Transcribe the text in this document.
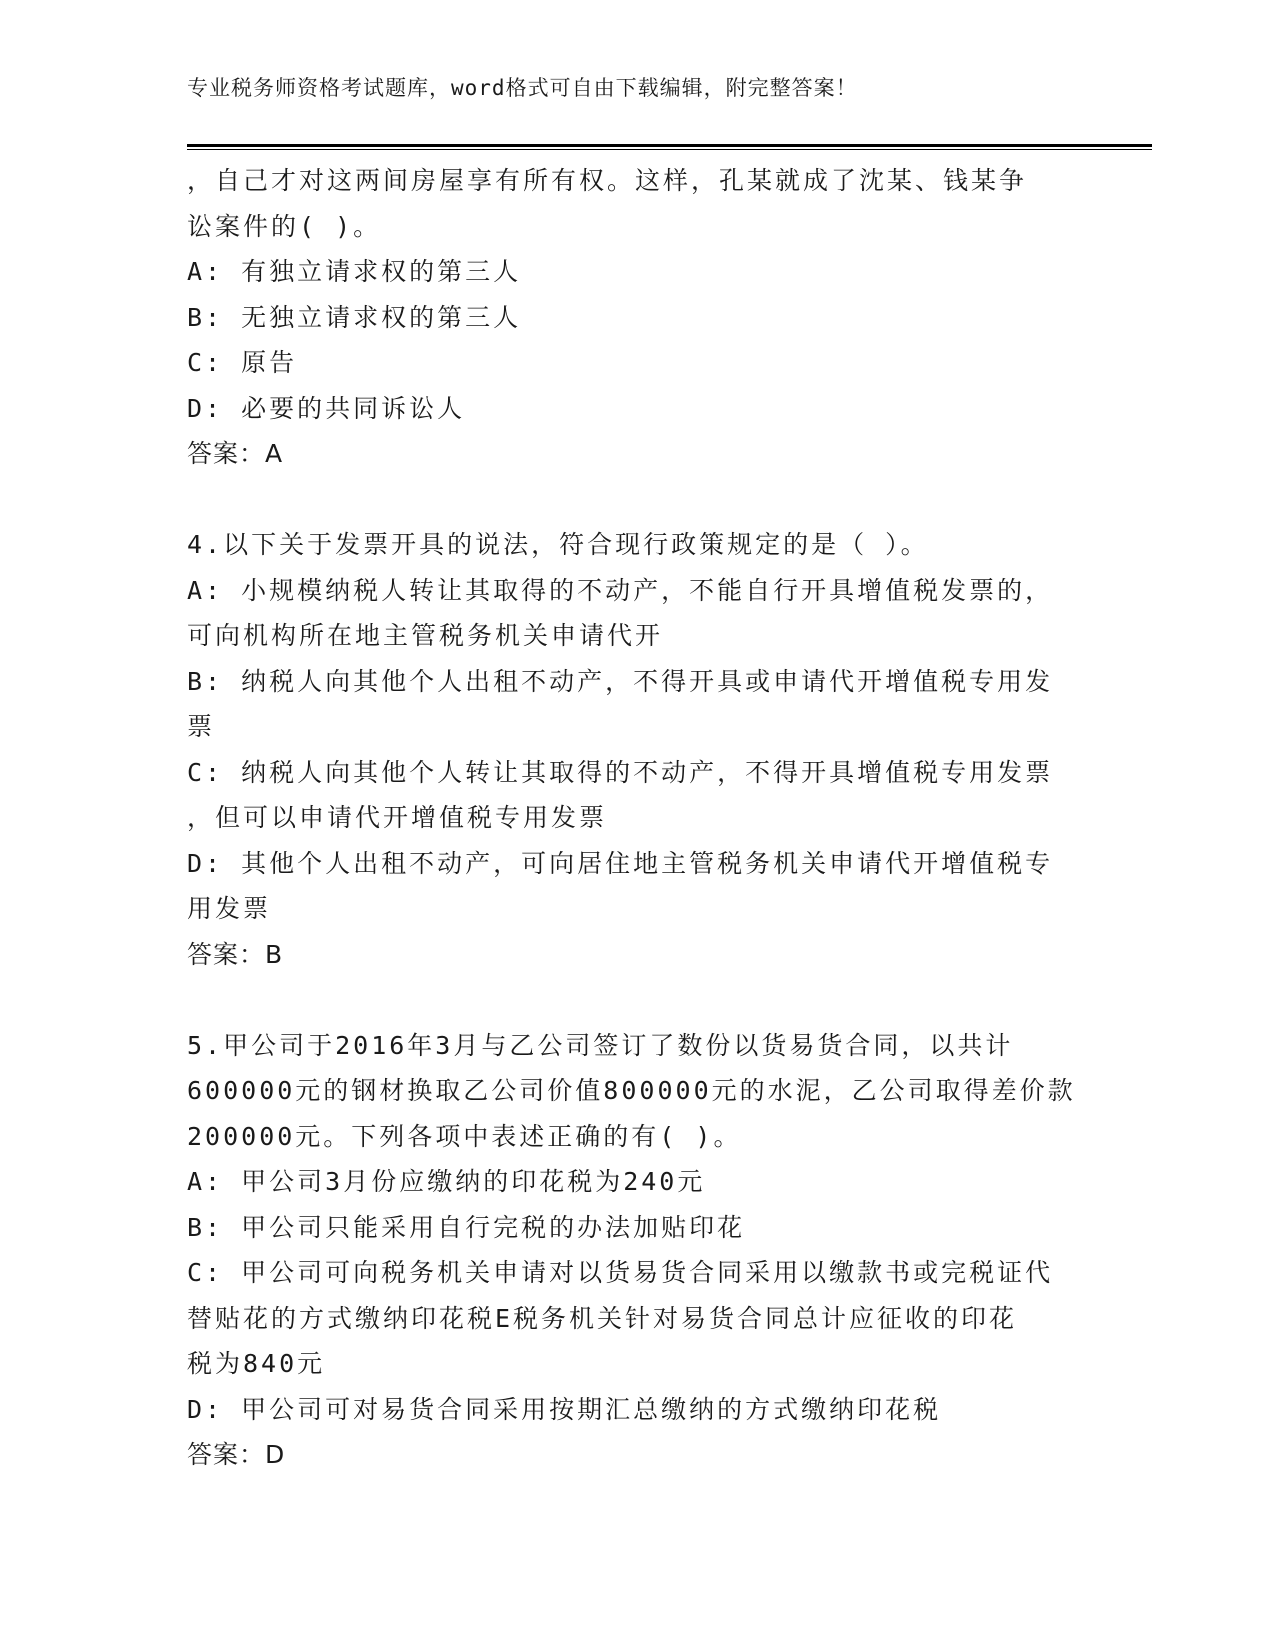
专业税务师资格考试题库，word格式可自由下载编辑，附完整答案！
，自己才对这两间房屋享有所有权。这样，孔某就成了沈某、钱某争
讼案件的( )。
A: 有独立请求权的第三人
B: 无独立请求权的第三人
C: 原告
D: 必要的共同诉讼人
答案：A
4.以下关于发票开具的说法，符合现行政策规定的是（ ）。
A: 小规模纳税人转让其取得的不动产，不能自行开具增值税发票的，
可向机构所在地主管税务机关申请代开
B: 纳税人向其他个人出租不动产，不得开具或申请代开增值税专用发
票
C: 纳税人向其他个人转让其取得的不动产，不得开具增值税专用发票
，但可以申请代开增值税专用发票
D: 其他个人出租不动产，可向居住地主管税务机关申请代开增值税专
用发票
答案：B
5.甲公司于2016年3月与乙公司签订了数份以货易货合同，以共计
600000元的钢材换取乙公司价值800000元的水泥，乙公司取得差价款
200000元。下列各项中表述正确的有( )。
A: 甲公司3月份应缴纳的印花税为240元
B: 甲公司只能采用自行完税的办法加贴印花
C: 甲公司可向税务机关申请对以货易货合同采用以缴款书或完税证代
替贴花的方式缴纳印花税E税务机关针对易货合同总计应征收的印花
税为840元
D: 甲公司可对易货合同采用按期汇总缴纳的方式缴纳印花税
答案：D
